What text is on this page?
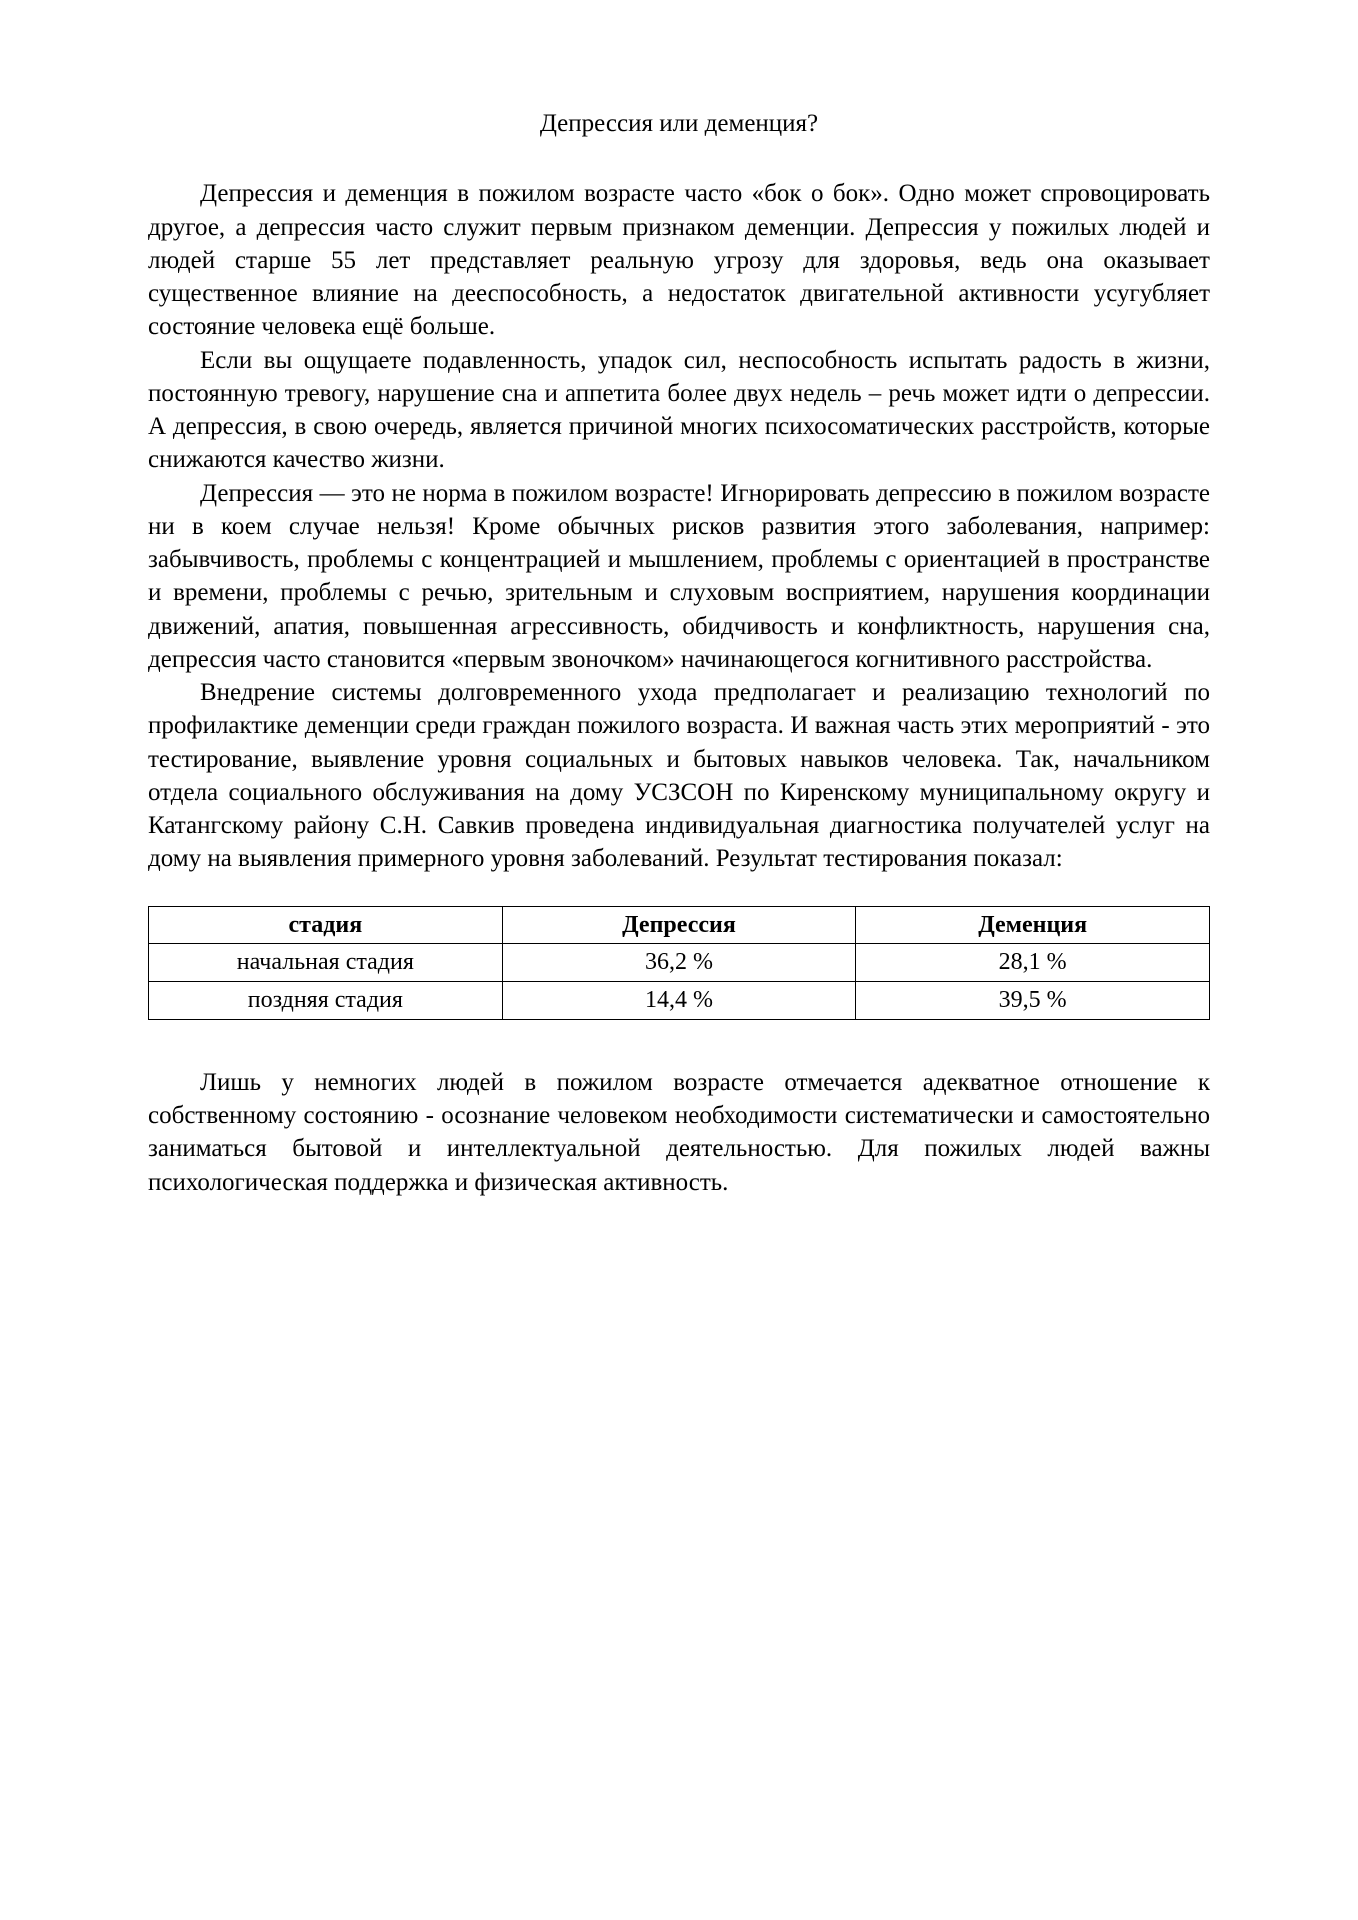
Депрессия или деменция?

Депрессия и деменция в пожилом возрасте часто «бок о бок». Одно может спровоцировать другое, а депрессия часто служит первым признаком деменции. Депрессия у пожилых людей и людей старше 55 лет представляет реальную угрозу для здоровья, ведь она оказывает существенное влияние на дееспособность, а недостаток двигательной активности усугубляет состояние человека ещё больше.

Если вы ощущаете подавленность, упадок сил, неспособность испытать радость в жизни, постоянную тревогу, нарушение сна и аппетита более двух недель – речь может идти о депрессии. А депрессия, в свою очередь, является причиной многих психосоматических расстройств, которые снижаются качество жизни.

Депрессия — это не норма в пожилом возрасте! Игнорировать депрессию в пожилом возрасте ни в коем случае нельзя! Кроме обычных рисков развития этого заболевания, например: забывчивость, проблемы с концентрацией и мышлением, проблемы с ориентацией в пространстве и времени, проблемы с речью, зрительным и слуховым восприятием, нарушения координации движений, апатия, повышенная агрессивность, обидчивость и конфликтность, нарушения сна, депрессия часто становится «первым звоночком» начинающегося когнитивного расстройства.

Внедрение системы долговременного ухода предполагает и реализацию технологий по профилактике деменции среди граждан пожилого возраста. И важная часть этих мероприятий - это тестирование, выявление уровня социальных и бытовых навыков человека. Так, начальником отдела социального обслуживания на дому УСЗСОН по Киренскому муниципальному округу и Катангскому району С.Н. Савкив проведена индивидуальная диагностика получателей услуг на дому на выявления примерного уровня заболеваний. Результат тестирования показал:

стадия	Депрессия	Деменция
начальная стадия	36,2 %	28,1 %
поздняя стадия	14,4 %	39,5 %

Лишь у немногих людей в пожилом возрасте отмечается адекватное отношение к собственному состоянию - осознание человеком необходимости систематически и самостоятельно заниматься бытовой и интеллектуальной деятельностью. Для пожилых людей важны психологическая поддержка и физическая активность.
